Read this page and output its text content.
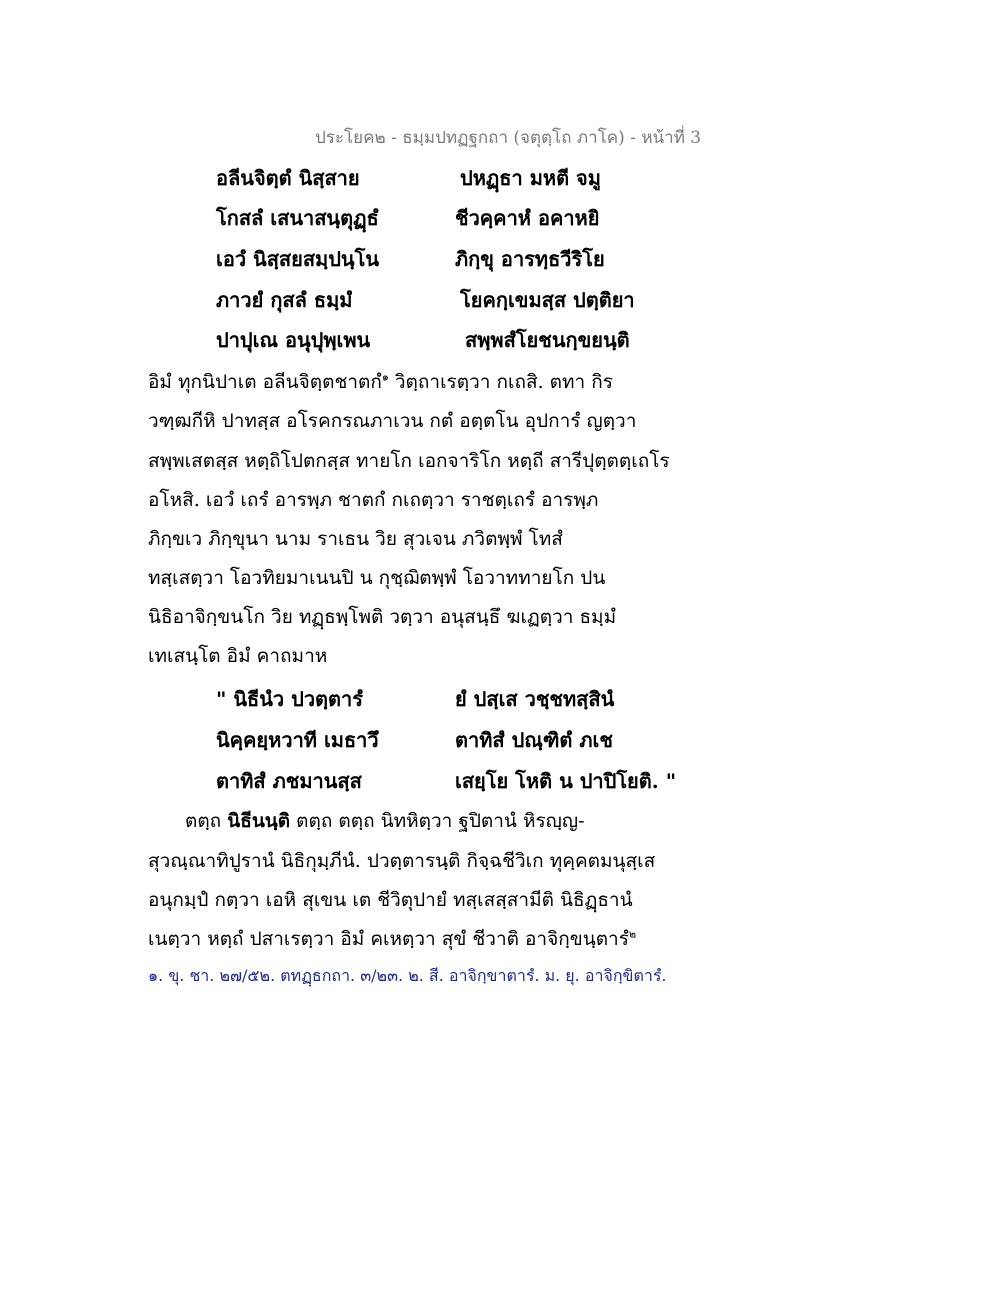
ประโยค๒ - ธมฺมปทฏฐกถา (จตุตฺโถ ภาโค) - หน้าที่ 3
อลีนจิตฺตํ นิสฺสาย	ปหฏฺธา มหตี จมู
โกสลํ เสนาสนฺตุฏฺธํ	ชีวคฺคาหํ อคาหยิ
เอวํ นิสฺสยสมฺปนฺโน	ภิกฺขุ อารทฺธวีริโย
ภาวยํ กุสลํ ธมฺมํ	โยคกฺเขมสฺส ปตฺติยา
ปาปุเณ อนุปุพฺเพน	สพฺพสํโยชนกฺขยนฺติ
อิมํ ทุกนิปาเต อลีนจิตฺตชาตกํ$^๑$ วิตฺถาเรตฺวา กเถสิ. ตทา กิร
วฑฺฒกีหิ ปาทสฺส อโรคกรณภาเวน กตํ อตฺตโน อุปการํ ญตฺวา
สพฺพเสตสฺส หตฺถิโปตกสฺส ทายโก เอกจาริโก หตฺถี สารีปุตฺตตฺเถโร
อโหสิ. เอวํ เถรํ อารพฺภ ชาตกํ กเถตฺวา ราชตฺเถรํ อารพฺภ
ภิกฺขเว ภิกฺขุนา นาม ราเธน วิย สุวเจน ภวิตพฺพํ โทสํ
ทสฺเสตฺวา โอวทิยมาเนนปิ น กุชฺฌิตพฺพํ โอวาททายโก ปน
นิธิอาจิกฺขนโก วิย ทฏฺธพฺโพติ วตฺวา อนุสนฺธึ ฆเฏตฺวา ธมฺมํ
เทเสนฺโต อิมํ คาถมาห
" นิธีนํว ปวตฺตารํ	ยํ ปสฺเส วชฺชทสฺสินํ
นิคฺคยฺหวาที เมธาวึ	ตาทิสํ ปณฺฑิตํ ภเช
ตาทิสํ ภชมานสฺส	เสยฺโย โหติ น ปาปิโยติ. "
ตตฺถ นิธีนนฺติ ตตฺถ ตตฺถ นิทหิตฺวา ฐปิตานํ หิรญฺญ-
สุวณฺณาทิปูรานํ นิธิกุมฺภีนํ. ปวตฺตารนฺติ กิจฺฉชีวิเก ทุคฺคตมนุสฺเส
อนุกมฺปํ กตฺวา เอหิ สุเขน เต ชีวิตุปายํ ทสฺเสสฺสามีติ นิธิฏฺธานํ
เนตฺวา หตฺถํ ปสาเรตฺวา อิมํ คเหตฺวา สุขํ ชีวาติ อาจิกฺขนฺตารํ$^๒$
๑. ขุ. ชา. ๒๗/๕๒. ตทฏฺธกถา. ๓/๒๓. ๒. สี. อาจิกฺขาตารํ. ม. ยุ. อาจิกฺขิตารํ.
